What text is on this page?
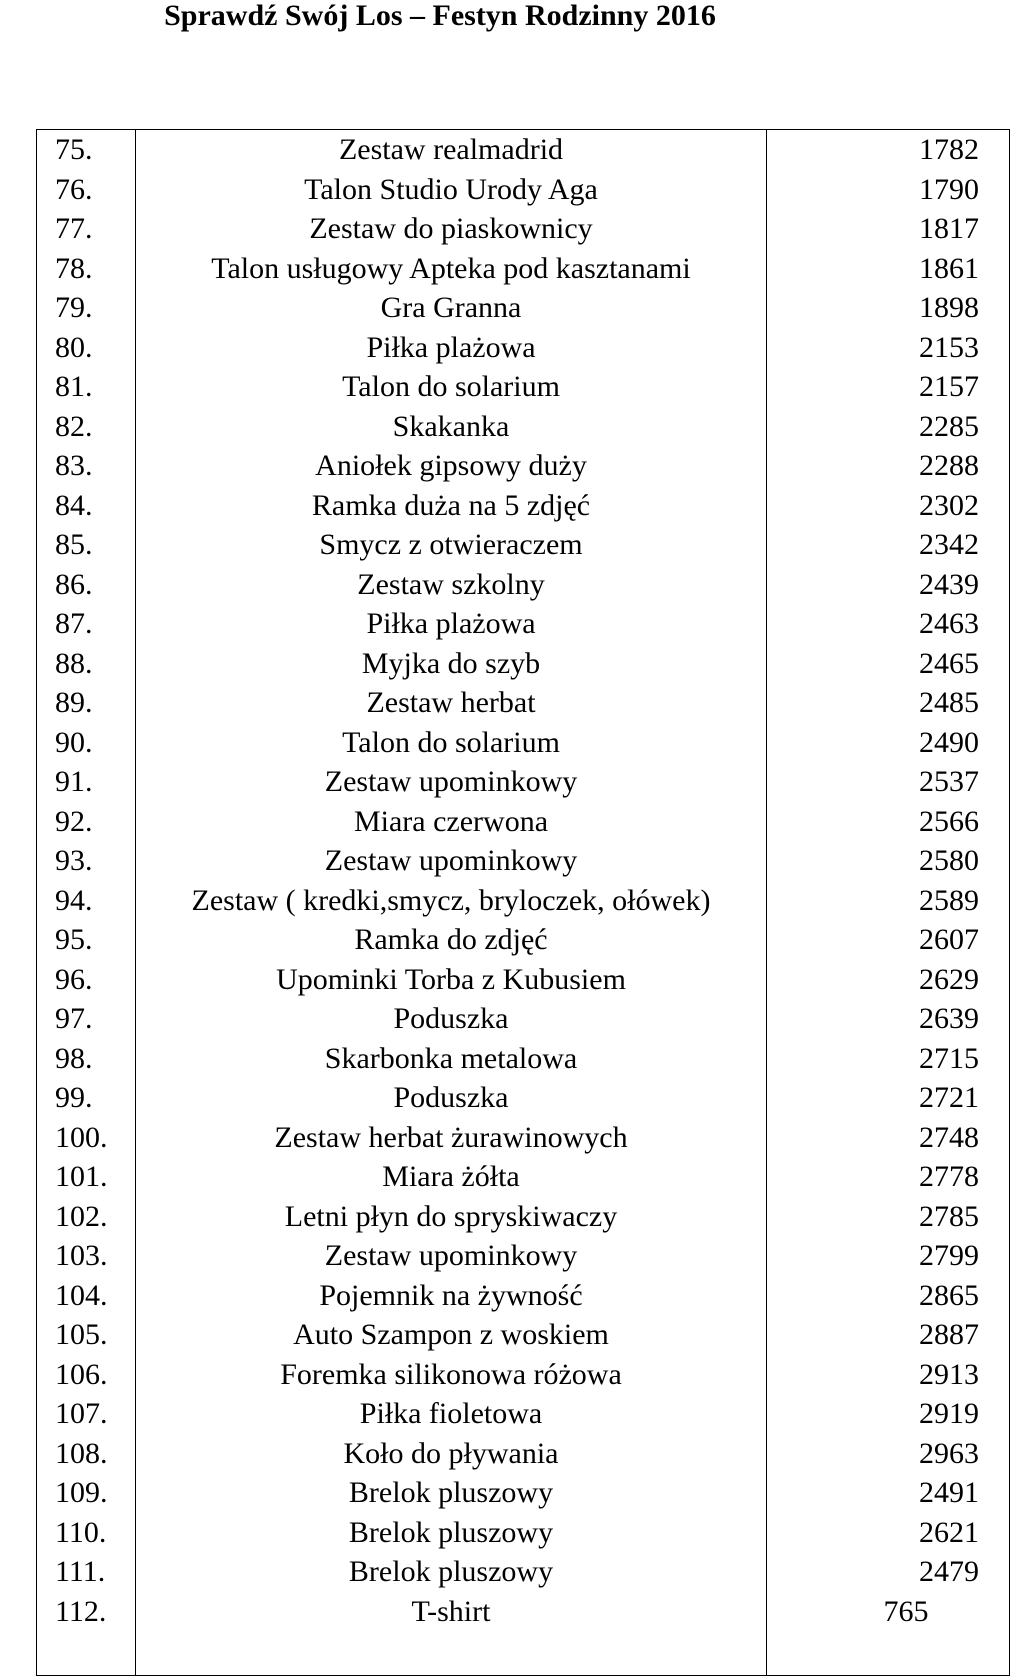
Sprawdź Swój Los – Festyn Rodzinny 2016
75.	Zestaw realmadrid	1782
76.	Talon Studio Urody Aga	1790
77.	Zestaw do piaskownicy	1817
78.	Talon usługowy Apteka pod kasztanami	1861
79.	Gra Granna	1898
80.	Piłka plażowa	2153
81.	Talon do solarium	2157
82.	Skakanka	2285
83.	Aniołek gipsowy duży	2288
84.	Ramka duża na 5 zdjęć	2302
85.	Smycz z otwieraczem	2342
86.	Zestaw szkolny	2439
87.	Piłka plażowa	2463
88.	Myjka do szyb	2465
89.	Zestaw herbat	2485
90.	Talon do solarium	2490
91.	Zestaw upominkowy	2537
92.	Miara czerwona	2566
93.	Zestaw upominkowy	2580
94.	Zestaw ( kredki,smycz, bryloczek, ołówek)	2589
95.	Ramka do zdjęć	2607
96.	Upominki Torba z Kubusiem	2629
97.	Poduszka	2639
98.	Skarbonka metalowa	2715
99.	Poduszka	2721
100.	Zestaw herbat żurawinowych	2748
101.	Miara żółta	2778
102.	Letni płyn do spryskiwaczy	2785
103.	Zestaw upominkowy	2799
104.	Pojemnik na żywność	2865
105.	Auto Szampon z woskiem	2887
106.	Foremka silikonowa różowa	2913
107.	Piłka fioletowa	2919
108.	Koło do pływania	2963
109.	Brelok pluszowy	2491
110.	Brelok pluszowy	2621
111.	Brelok pluszowy	2479
112.	T-shirt	765
